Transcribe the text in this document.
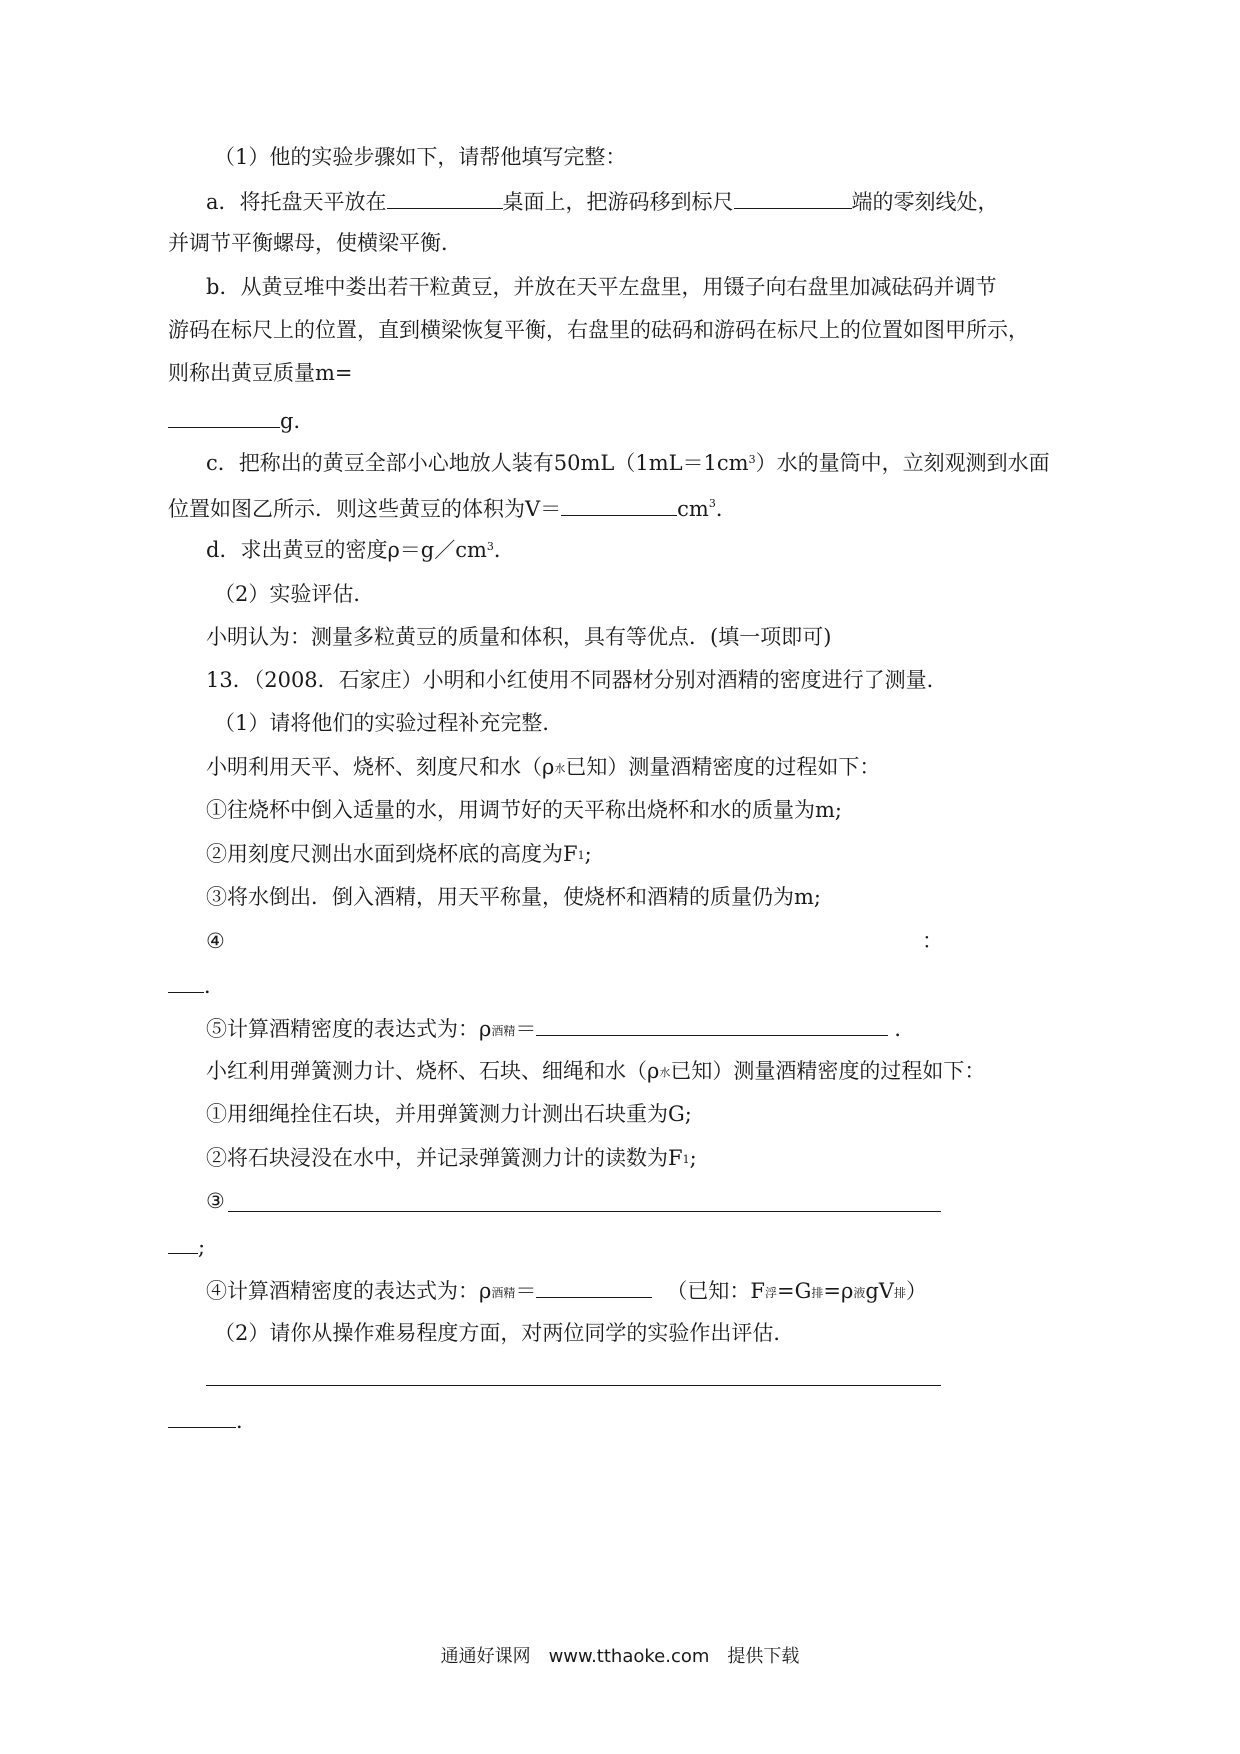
（1）他的实验步骤如下，请帮他填写完整：
a．将托盘天平放在	桌面上，把游码移到标尺	端的零刻线处，
并调节平衡螺母，使横梁平衡．
b．从黄豆堆中娄出若干粒黄豆，并放在天平左盘里，用镊子向右盘里加减砝码并调节
游码在标尺上的位置，直到横梁恢复平衡，右盘里的砝码和游码在标尺上的位置如图甲所示，
则称出黄豆质量m=
g．
c．把称出的黄豆全部小心地放人装有$50mL(1mL=1cm^3)$水的量筒中，立刻观测到水面
位置如图乙所示．则这些黄豆的体积为V＝	$cm^3$．
d．求出黄豆的密度$\rho=g/cm^3$．
（2）实验评估．
小明认为：测量多粒黄豆的质量和体积，具有等优点．(填一项即可)
13．（2008．石家庄）小明和小红使用不同器材分别对酒精的密度进行了测量．
（1）请将他们的实验过程补充完整．
小明利用天平、烧杯、刻度尺和水（$\rho_水$已知）测量酒精密度的过程如下：
①往烧杯中倒入适量的水，用调节好的天平称出烧杯和水的质量为m;
②用刻度尺测出水面到烧杯底的高度为$F_1$;
③将水倒出．倒入酒精，用天平称量，使烧杯和酒精的质量仍为m;
④	：
．
⑤计算酒精密度的表达式为：$\rho_{酒精}=$	．
小红利用弹簧测力计、烧杯、石块、细绳和水（$\rho_水$已知）测量酒精密度的过程如下：
①用细绳拴住石块，并用弹簧测力计测出石块重为G;
②将石块浸没在水中，并记录弹簧测力计的读数为$F_1$;
③
;
④计算酒精密度的表达式为：$\rho_{酒精}=$	（已知：$F_浮=G_排=\rho_液gV_排$）
（2）请你从操作难易程度方面，对两位同学的实验作出评估．
．
通通好课网　www.tthaoke.com　提供下载
